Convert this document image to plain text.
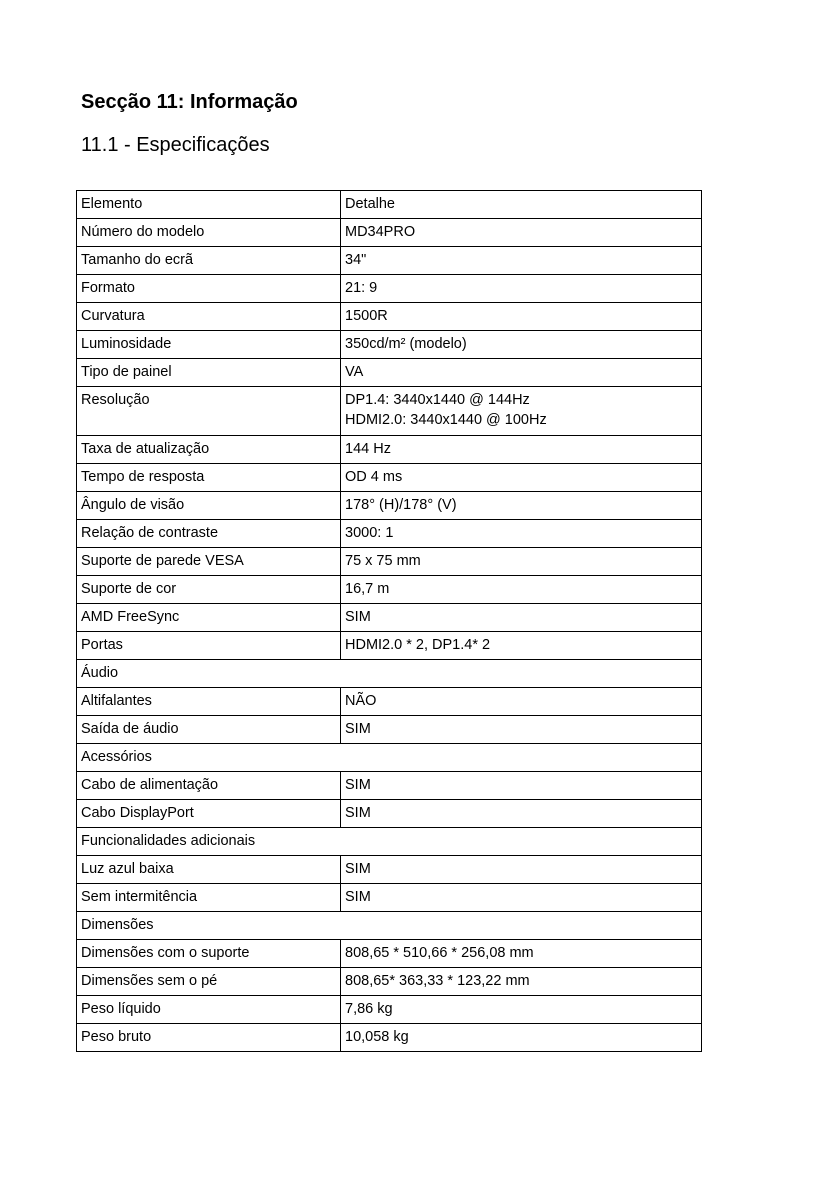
Secção 11: Informação
11.1 - Especificações
Elemento	Detalhe
Número do modelo	MD34PRO
Tamanho do ecrã	34"
Formato	21: 9
Curvatura	1500R
Luminosidade	350cd/m² (modelo)
Tipo de painel	VA
Resolução	DP1.4: 3440x1440 @ 144Hz
HDMI2.0: 3440x1440 @ 100Hz

Taxa de atualização	144 Hz
Tempo de resposta	OD 4 ms
Ângulo de visão	178° (H)/178° (V)
Relação de contraste	3000: 1
Suporte de parede VESA	75 x 75 mm
Suporte de cor	16,7 m
AMD FreeSync	SIM
Portas	HDMI2.0 * 2, DP1.4* 2
Áudio	
Altifalantes	NÃO
Saída de áudio	SIM
Acessórios	
Cabo de alimentação	SIM
Cabo DisplayPort	SIM
Funcionalidades adicionais	
Luz azul baixa	SIM
Sem intermitência	SIM
Dimensões	
Dimensões com o suporte	808,65 * 510,66 * 256,08 mm
Dimensões sem o pé	808,65* 363,33 * 123,22 mm
Peso líquido	7,86 kg
Peso bruto	10,058 kg
